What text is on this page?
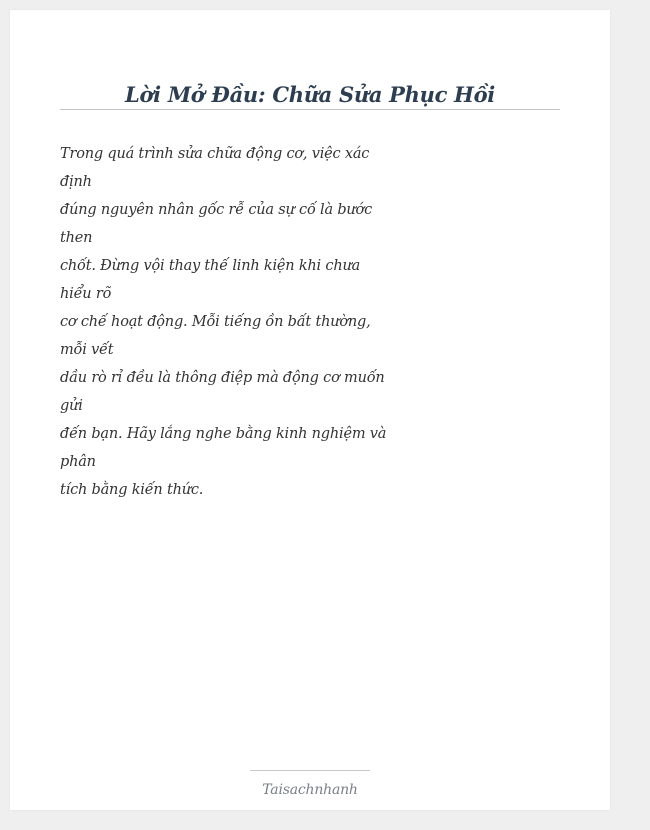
Lời Mở Đầu: Chữa Sửa Phục Hồi
Trong quá trình sửa chữa động cơ, việc xác
định
đúng nguyên nhân gốc rễ của sự cố là bước
then
chốt. Đừng vội thay thế linh kiện khi chưa
hiểu rõ
cơ chế hoạt động. Mỗi tiếng ồn bất thường,
mỗi vết
dầu rò rỉ đều là thông điệp mà động cơ muốn
gửi
đến bạn. Hãy lắng nghe bằng kinh nghiệm và
phân
tích bằng kiến thức.
Taisachnhanh
